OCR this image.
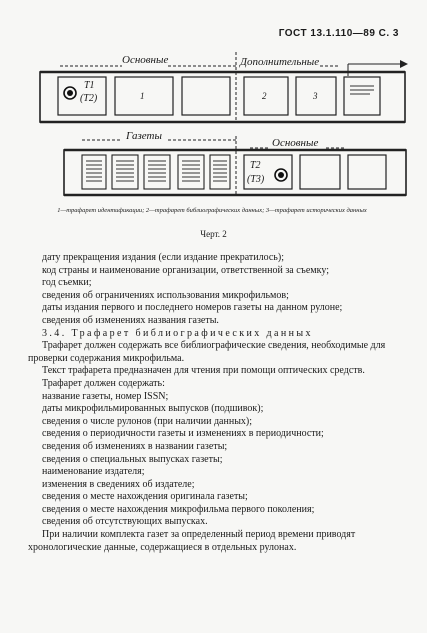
ГОСТ 13.1.110—89 С. 3
Основные	Дополнительные
Т1
(Т2)	1	2	3
Газеты
Основные
Т2
(Т3)
1—трафарет идентификации; 2—трафарет библиографических данных; 3—трафарет исторических данных
Черт. 2

дату прекращения издания (если издание прекратилось);

код страны и наименование организации, ответственной за съемку;

год съемки;

сведения об ограничениях использования микрофильмов;

даты издания первого и последнего номеров газеты на данном рулоне;

сведения об изменениях названия газеты.

3.4. Трафарет библиографических данных

Трафарет должен содержать все библиографические сведения, необходимые для проверки содержания микрофильма.

Текст трафарета предназначен для чтения при помощи оптических средств.

Трафарет должен содержать:

название газеты, номер ISSN;

даты микрофильмированных выпусков (подшивок);

сведения о числе рулонов (при наличии данных);

сведения о периодичности газеты и изменениях в периодичности;

сведения об изменениях в названии газеты;

сведения о специальных выпусках газеты;

наименование издателя;

изменения в сведениях об издателе;

сведения о месте нахождения оригинала газеты;

сведения о месте нахождения микрофильма первого поколения;

сведения об отсутствующих выпусках.

При наличии комплекта газет за определенный период времени приводят хронологические данные, содержащиеся в отдельных рулонах.
